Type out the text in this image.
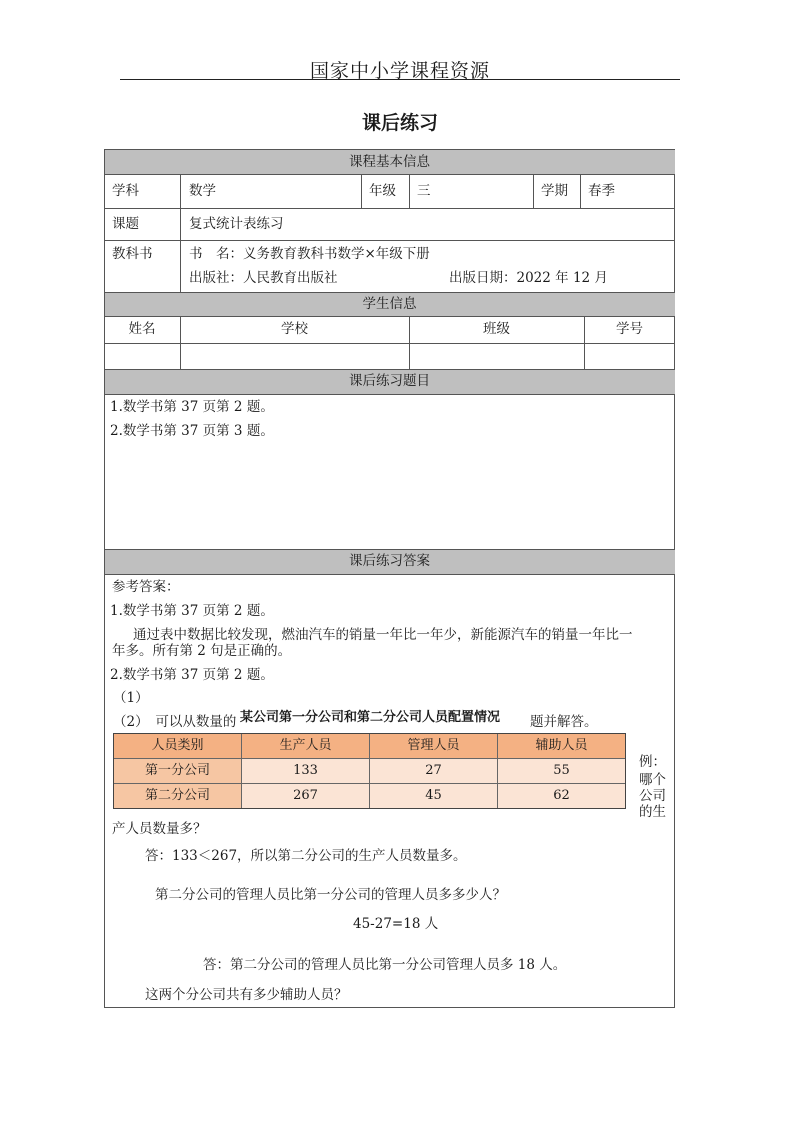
国家中小学课程资源
课后练习
课程基本信息
学生信息
课后练习题目
课后练习答案
学科	数学	年级 三	学期 春季
课题	复式统计表练习
教科书	书　名：义务教育教科书数学×年级下册
出版社：人民教育出版社	出版日期：2022 年 12 月
姓名	学校	班级	学号
1.数学书第 37 页第 2 题。
2.数学书第 37 页第 3 题。
参考答案：
1.数学书第 37 页第 2 题。
通过表中数据比较发现，燃油汽车的销量一年比一年少，新能源汽车的销量一年比一
年多。所有第 2 句是正确的。
2.数学书第 37 页第 2 题。
（1）
（2）　可以从数量的	题并解答。
某公司第一分公司和第二分公司人员配置情况
人员类别	生产人员	管理人员	辅助人员
第一分公司	133	27	55
第二分公司	267	45	62
例：
哪个
公司
的生
产人员数量多？
答：133＜267，所以第二分公司的生产人员数量多。
第二分公司的管理人员比第一分公司的管理人员多多少人？
45-27=18 人
答：第二分公司的管理人员比第一分公司管理人员多 18 人。
这两个分公司共有多少辅助人员？
